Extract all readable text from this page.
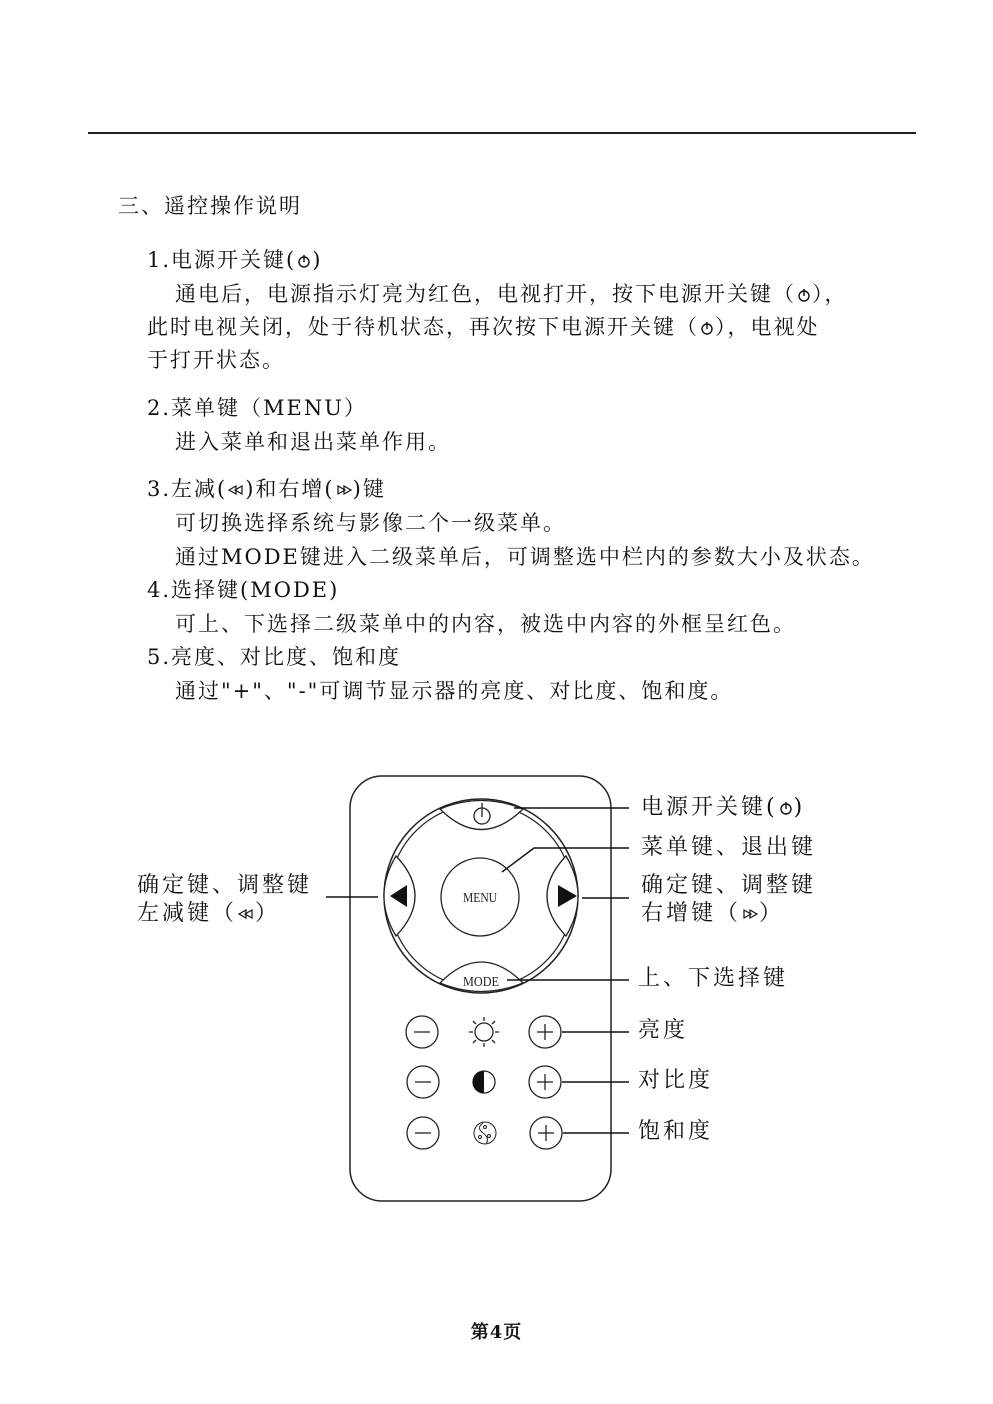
三、遥控操作说明
1.电源开关键( )
通电后，电源指示灯亮为红色，电视打开，按下电源开关键（ ），
此时电视关闭，处于待机状态，再次按下电源开关键（ ），电视处
于打开状态。
2.菜单键（MENU）
进入菜单和退出菜单作用。
3.左减( )和右增( )键
可切换选择系统与影像二个一级菜单。
通过MODE键进入二级菜单后，可调整选中栏内的参数大小及状态。
4.选择键(MODE)
可上、下选择二级菜单中的内容，被选中内容的外框呈红色。
5.亮度、对比度、饱和度
通过"+"、"-"可调节显示器的亮度、对比度、饱和度。
MODE
MENU
电源开关键( )
菜单键、退出键
确定键、调整键
右增键（ ）
确定键、调整键
左减键（ ）
上、下选择键
亮度
对比度
饱和度
第4页
